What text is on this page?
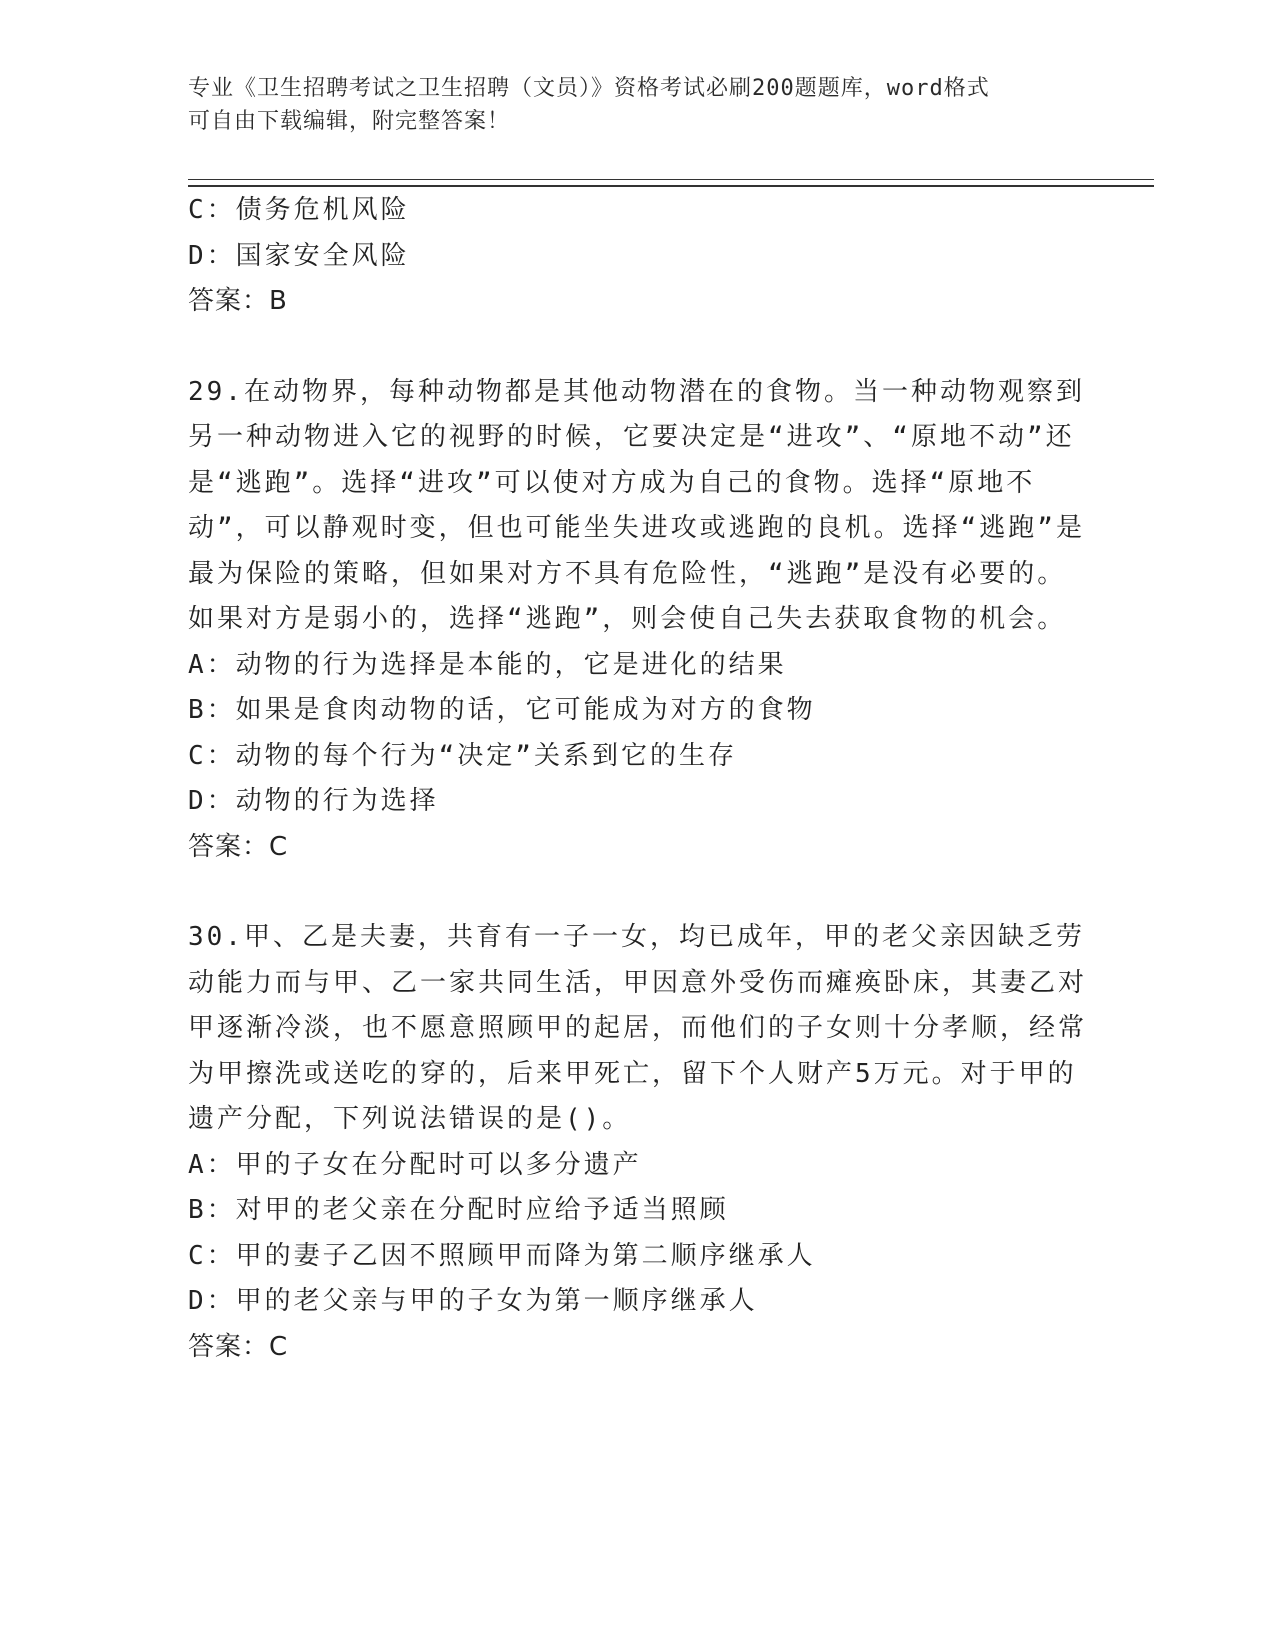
专业《卫生招聘考试之卫生招聘（文员）》资格考试必刷200题题库，word格式
可自由下载编辑，附完整答案！
C：债务危机风险
D：国家安全风险
答案：B
29.在动物界，每种动物都是其他动物潜在的食物。当一种动物观察到另一种动物进入它的视野的时候，它要决定是“进攻”、“原地不动”还是“逃跑”。选择“进攻”可以使对方成为自己的食物。选择“原地不动”，可以静观时变，但也可能坐失进攻或逃跑的良机。选择“逃跑”是最为保险的策略，但如果对方不具有危险性，“逃跑”是没有必要的。如果对方是弱小的，选择“逃跑”，则会使自己失去获取食物的机会。
A：动物的行为选择是本能的，它是进化的结果
B：如果是食肉动物的话，它可能成为对方的食物
C：动物的每个行为“决定”关系到它的生存
D：动物的行为选择
答案：C
30.甲、乙是夫妻，共育有一子一女，均已成年，甲的老父亲因缺乏劳动能力而与甲、乙一家共同生活，甲因意外受伤而瘫痪卧床，其妻乙对甲逐渐冷淡，也不愿意照顾甲的起居，而他们的子女则十分孝顺，经常为甲擦洗或送吃的穿的，后来甲死亡，留下个人财产5万元。对于甲的遗产分配，下列说法错误的是()。
A：甲的子女在分配时可以多分遗产
B：对甲的老父亲在分配时应给予适当照顾
C：甲的妻子乙因不照顾甲而降为第二顺序继承人
D：甲的老父亲与甲的子女为第一顺序继承人
答案：C
